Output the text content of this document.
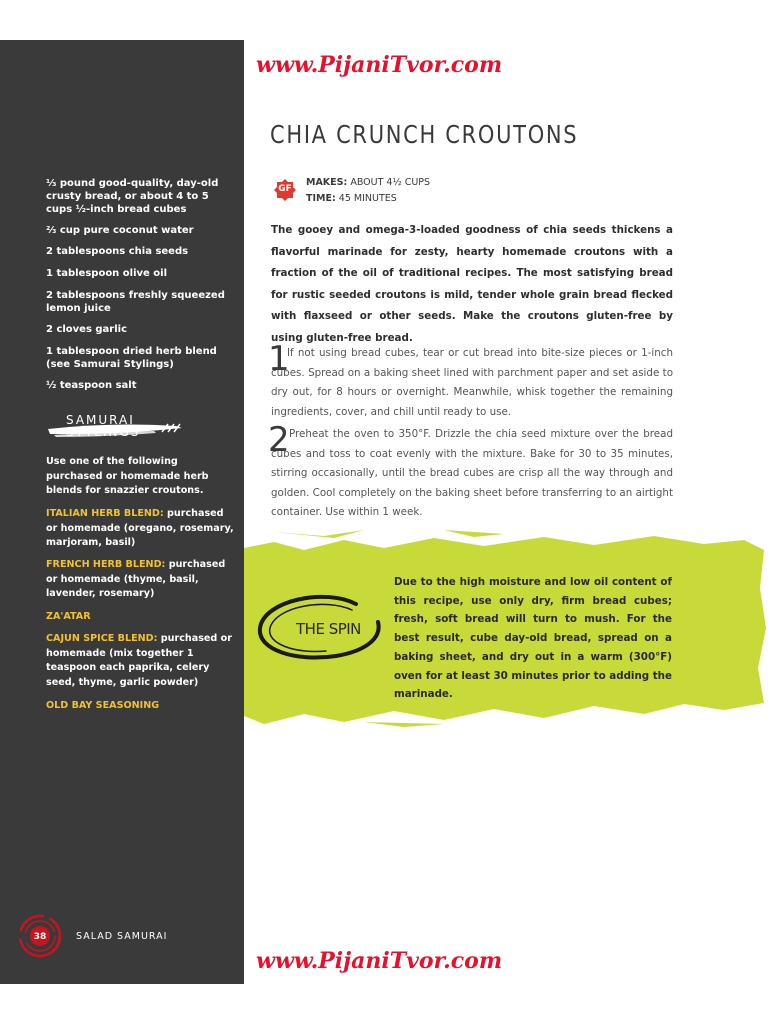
⅓ pound good-quality, day-old crusty bread, or about 4 to 5 cups ½-inch bread cubes

⅔ cup pure coconut water

2 tablespoons chia seeds

1 tablespoon olive oil

2 tablespoons freshly squeezed lemon juice

2 cloves garlic

1 tablespoon dried herb blend (see Samurai Stylings)

½ teaspoon salt

SAMURAI
STYLINGS

Use one of the following purchased or homemade herb blends for snazzier croutons.

ITALIAN HERB BLEND: purchased or homemade (oregano, rosemary, marjoram, basil)

FRENCH HERB BLEND: purchased or homemade (thyme, basil, lavender, rosemary)

ZA'ATAR

CAJUN SPICE BLEND: purchased or homemade (mix together 1 teaspoon each paprika, celery seed, thyme, garlic powder)

OLD BAY SEASONING

38	SALAD SAMURAI
www.PijaniTvor.com
www.PijaniTvor.com
CHIA CRUNCH CROUTONS
GF
MAKES: ABOUT 4½ CUPS
TIME: 45 MINUTES

The gooey and omega-3-loaded goodness of chia seeds thickens a flavorful marinade for zesty, hearty homemade croutons with a fraction of the oil of traditional recipes. The most satisfying bread for rustic seeded croutons is mild, tender whole grain bread flecked with flaxseed or other seeds. Make the croutons gluten-free by using gluten-free bread.

1

If not using bread cubes, tear or cut bread into bite-size pieces or 1-inch cubes. Spread on a baking sheet lined with parchment paper and set aside to dry out, for 8 hours or overnight. Meanwhile, whisk together the remaining ingredients, cover, and chill until ready to use.

2 Preheat the oven to 350°F. Drizzle the chia seed mixture over the bread cubes and toss to coat evenly with the mixture. Bake for 30 to 35 minutes, stirring occasionally, until the bread cubes are crisp all the way through and golden. Cool completely on the baking sheet before transferring to an airtight container. Use within 1 week.

THE SPIN

Due to the high moisture and low oil content of this recipe, use only dry, firm bread cubes; fresh, soft bread will turn to mush. For the best result, cube day-old bread, spread on a baking sheet, and dry out in a warm (300°F) oven for at least 30 minutes prior to adding the marinade.
